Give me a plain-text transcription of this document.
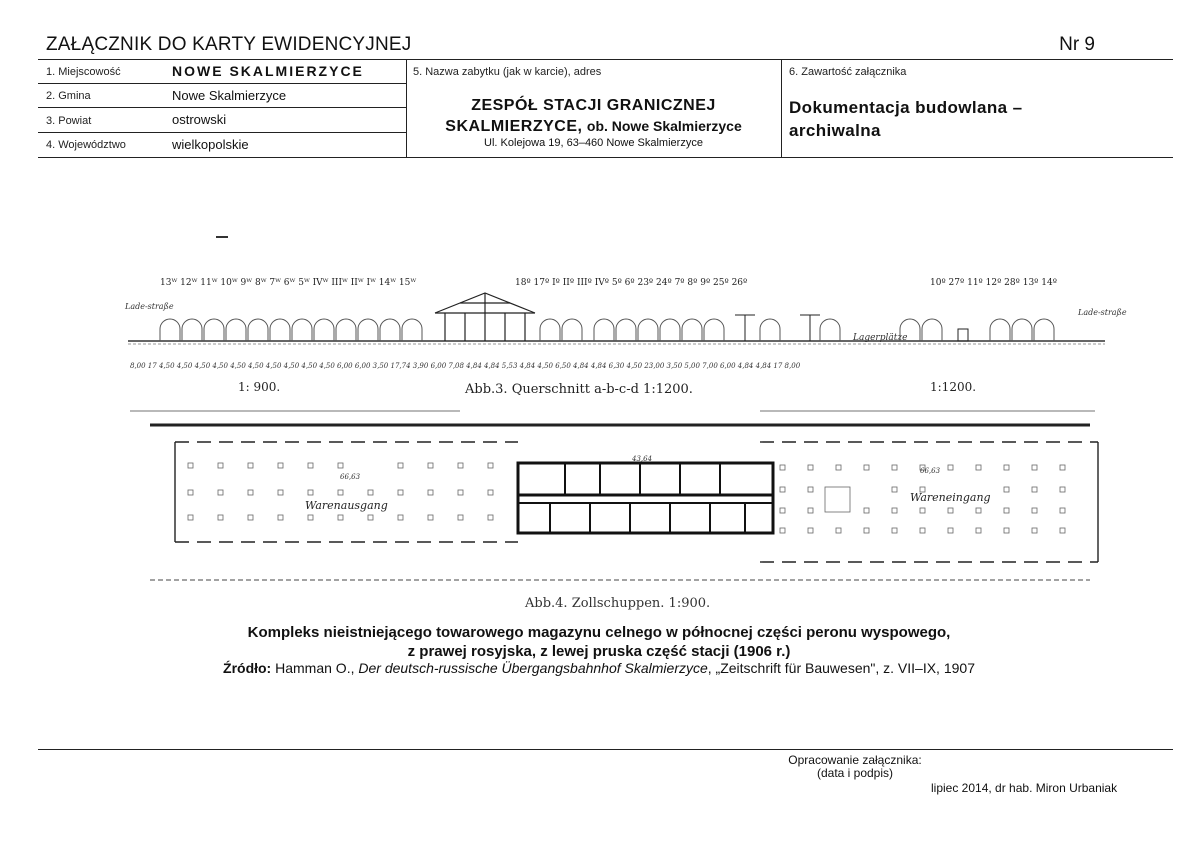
ZAŁĄCZNIK DO KARTY EWIDENCYJNEJ	Nr 9
1. Miejscowość	NOWE SKALMIERZYCE
2. Gmina	Nowe Skalmierzyce
3. Powiat	ostrowski
4. Województwo	wielkopolskie
5. Nazwa zabytku (jak w karcie), adres
ZESPÓŁ STACJI GRANICZNEJ
SKALMIERZYCE, ob. Nowe Skalmierzyce
Ul. Kolejowa 19, 63–460 Nowe Skalmierzyce
6. Zawartość załącznika
Dokumentacja budowlana –
archiwalna
13ᵂ 12ᵂ 11ᵂ 10ᵂ 9ᵂ 8ᵂ 7ᵂ 6ᵂ 5ᵂ IVᵂ IIIᵂ IIᵂ Iᵂ 14ᵂ 15ᵂ	18º 17º Iº IIº IIIº IVº 5º 6º 23º 24º 7º 8º 9º 25º 26º	10º 27º 11º 12º 28º 13º 14º
Lade-straße
Lade-straße
Lagerplätze
8,00 17 4,50 4,50 4,50 4,50 4,50 4,50 4,50 4,50 4,50 4,50 6,00 6,00 3,50 17,74 3,90 6,00 7,08 4,84 4,84 5,53 4,84 4,50 6,50 4,84 4,84 6,30 4,50 23,00 3,50 5,00 7,00 6,00 4,84 4,84 17 8,00
1: 900.	Abb.3. Querschnitt a-b-c-d 1:1200.	1:1200.
Warenausgang
Wareneingang
43,64
66,63
66,63
Abb.4. Zollschuppen. 1:900.
Kompleks nieistniejącego towarowego magazynu celnego w północnej części peronu wyspowego,
z prawej rosyjska, z lewej pruska część stacji (1906 r.)
Źródło: Hamman O., Der deutsch-russische Übergangsbahnhof Skalmierzyce, „Zeitschrift für Bauwesen", z. VII–IX, 1907
Opracowanie załącznika:
(data i podpis)
lipiec 2014, dr hab. Miron Urbaniak
